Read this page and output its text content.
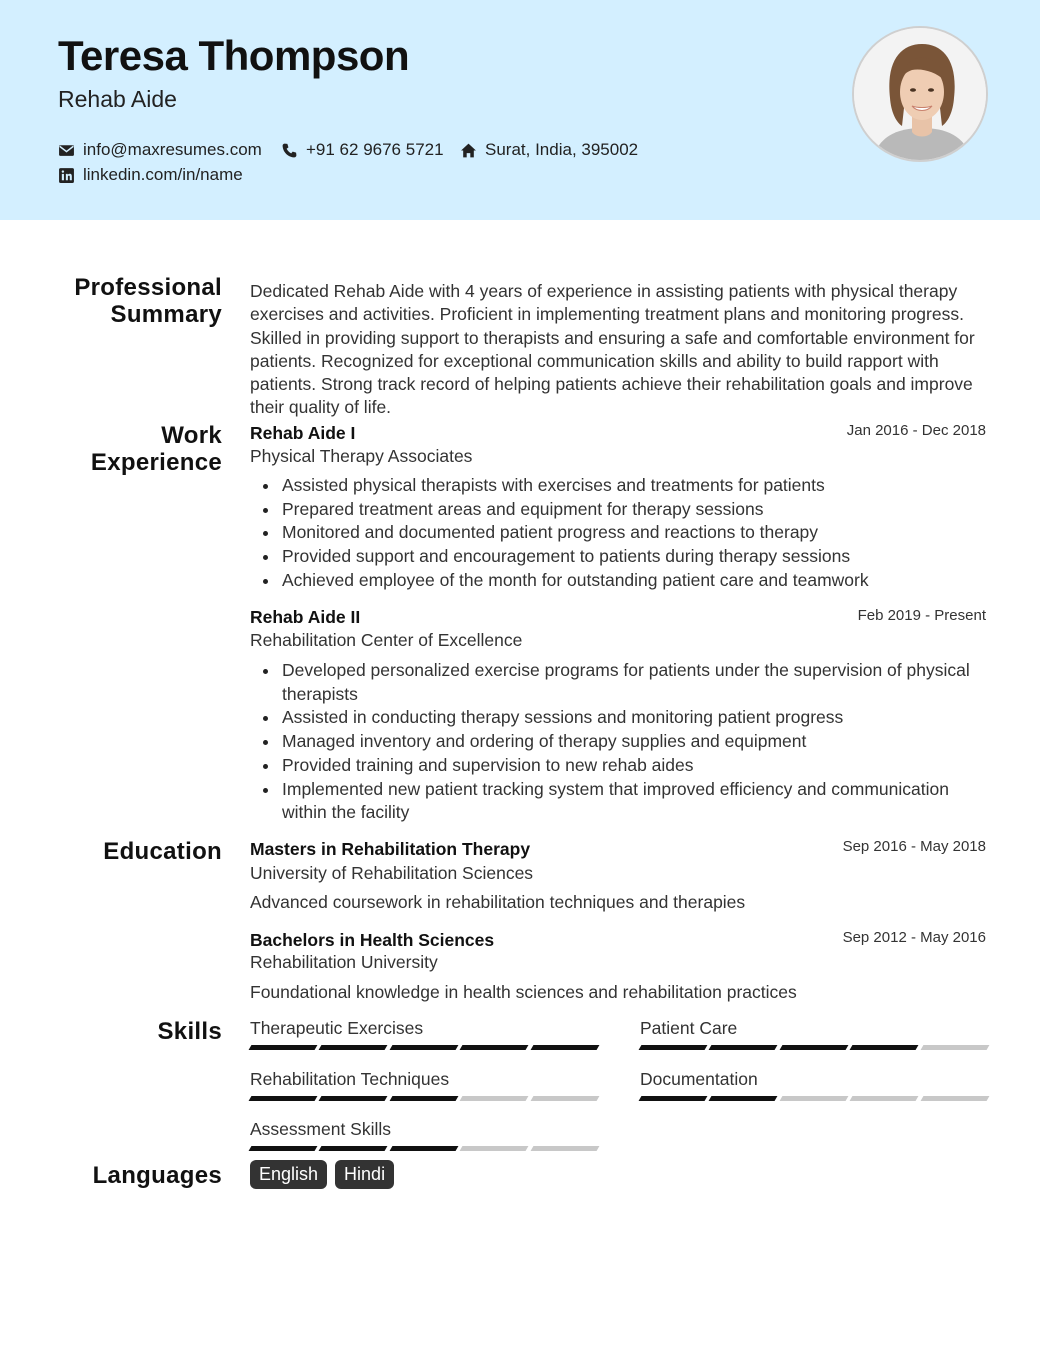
Teresa Thompson
Rehab Aide
info@maxresumes.com	+91 62 9676 5721 Surat, India, 395002
linkedin.com/in/name
Professional Summary
Work Experience
Education
Skills
Languages
Dedicated Rehab Aide with 4 years of experience in assisting patients with physical therapy exercises and activities. Proficient in implementing treatment plans and monitoring progress. Skilled in providing support to therapists and ensuring a safe and comfortable environment for patients. Recognized for exceptional communication skills and ability to build rapport with patients. Strong track record of helping patients achieve their rehabilitation goals and improve their quality of life.
Rehab Aide I	Jan 2016 - Dec 2018
Physical Therapy Associates
Assisted physical therapists with exercises and treatments for patients
Prepared treatment areas and equipment for therapy sessions
Monitored and documented patient progress and reactions to therapy
Provided support and encouragement to patients during therapy sessions
Achieved employee of the month for outstanding patient care and teamwork
Rehab Aide II	Feb 2019 - Present
Rehabilitation Center of Excellence
Developed personalized exercise programs for patients under the supervision of physical therapists
Assisted in conducting therapy sessions and monitoring patient progress
Managed inventory and ordering of therapy supplies and equipment
Provided training and supervision to new rehab aides
Implemented new patient tracking system that improved efficiency and communication within the facility
Masters in Rehabilitation Therapy	Sep 2016 - May 2018
University of Rehabilitation Sciences
Advanced coursework in rehabilitation techniques and therapies
Bachelors in Health Sciences	Sep 2012 - May 2016
Rehabilitation University
Foundational knowledge in health sciences and rehabilitation practices
Therapeutic Exercises	Patient Care
Rehabilitation Techniques	Documentation
Assessment Skills
English	Hindi
